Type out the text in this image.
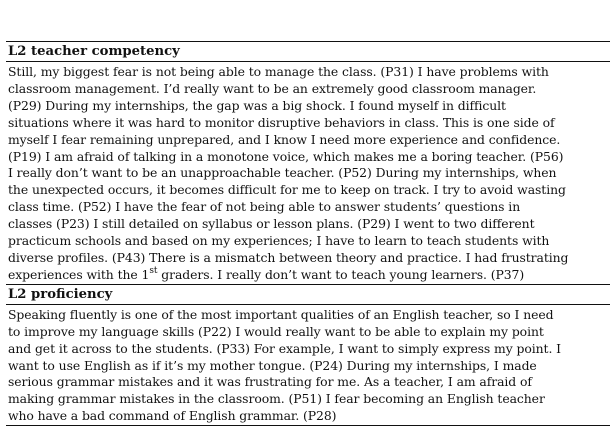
L2 teacher competency
Still, my biggest fear is not being able to manage the class. (P31) I have problems with
classroom management. I’d really want to be an extremely good classroom manager.
(P29) During my internships, the gap was a big shock. I found myself in difficult
situations where it was hard to monitor disruptive behaviors in class. This is one side of
myself I fear remaining unprepared, and I know I need more experience and confidence.
(P19) I am afraid of talking in a monotone voice, which makes me a boring teacher. (P56)
I really don’t want to be an unapproachable teacher. (P52) During my internships, when
the unexpected occurs, it becomes difficult for me to keep on track. I try to avoid wasting
class time. (P52) I have the fear of not being able to answer students’ questions in
classes (P23) I still detailed on syllabus or lesson plans. (P29) I went to two different
practicum schools and based on my experiences; I have to learn to teach students with
diverse profiles. (P43) There is a mismatch between theory and practice. I had frustrating
experiences with the 1st graders. I really don’t want to teach young learners. (P37)
L2 proficiency
Speaking fluently is one of the most important qualities of an English teacher, so I need
to improve my language skills (P22) I would really want to be able to explain my point
and get it across to the students. (P33) For example, I want to simply express my point. I
want to use English as if it’s my mother tongue. (P24) During my internships, I made
serious grammar mistakes and it was frustrating for me. As a teacher, I am afraid of
making grammar mistakes in the classroom. (P51) I fear becoming an English teacher
who have a bad command of English grammar. (P28)
